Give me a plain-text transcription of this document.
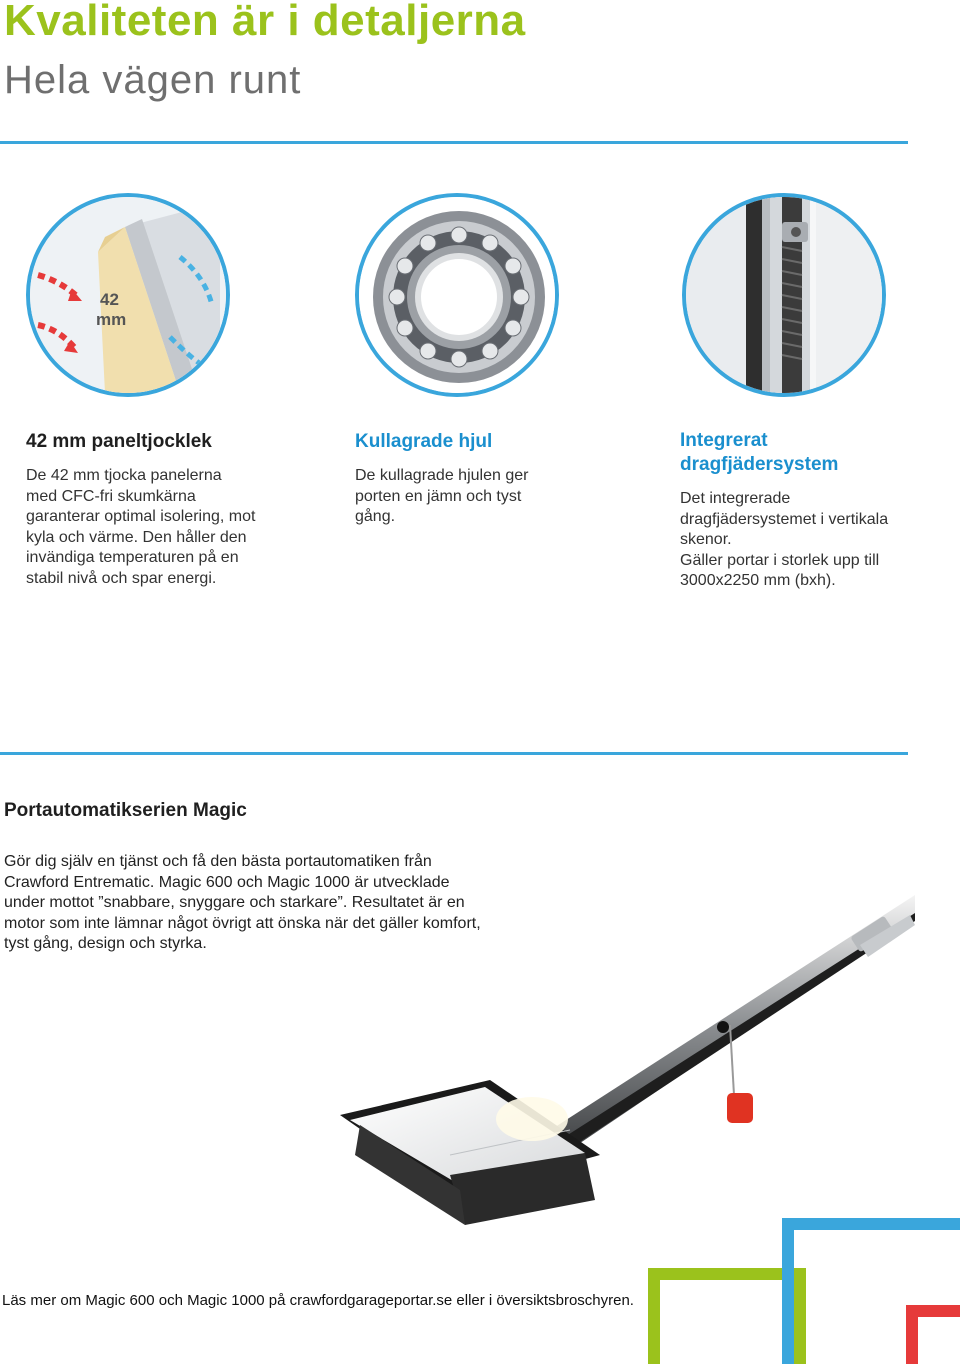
Kvaliteten är i detaljerna
Hela vägen runt
42
mm
42 mm paneltjocklek

De 42 mm tjocka panelerna med CFC-fri skumkärna garanterar optimal isolering, mot kyla och värme. Den håller den invändiga temperaturen på en stabil nivå och spar energi.

Kullagrade hjul

De kullagrade hjulen ger porten en jämn och tyst gång.

Integrerat dragfjädersystem

Det integrerade dragfjädersystemet i vertikala skenor.
Gäller portar i storlek upp till 3000x2250 mm (bxh).

Portautomatikserien Magic

Gör dig själv en tjänst och få den bästa portautomatiken från Crawford Entrematic. Magic 600 och Magic 1000 är utvecklade under mottot ”snabbare, snyggare och starkare”. Resultatet är en motor som inte lämnar något övrigt att önska när det gäller komfort, tyst gång, design och styrka.

Läs mer om Magic 600 och Magic 1000 på crawfordgarageportar.se eller i översiktsbroschyren.
